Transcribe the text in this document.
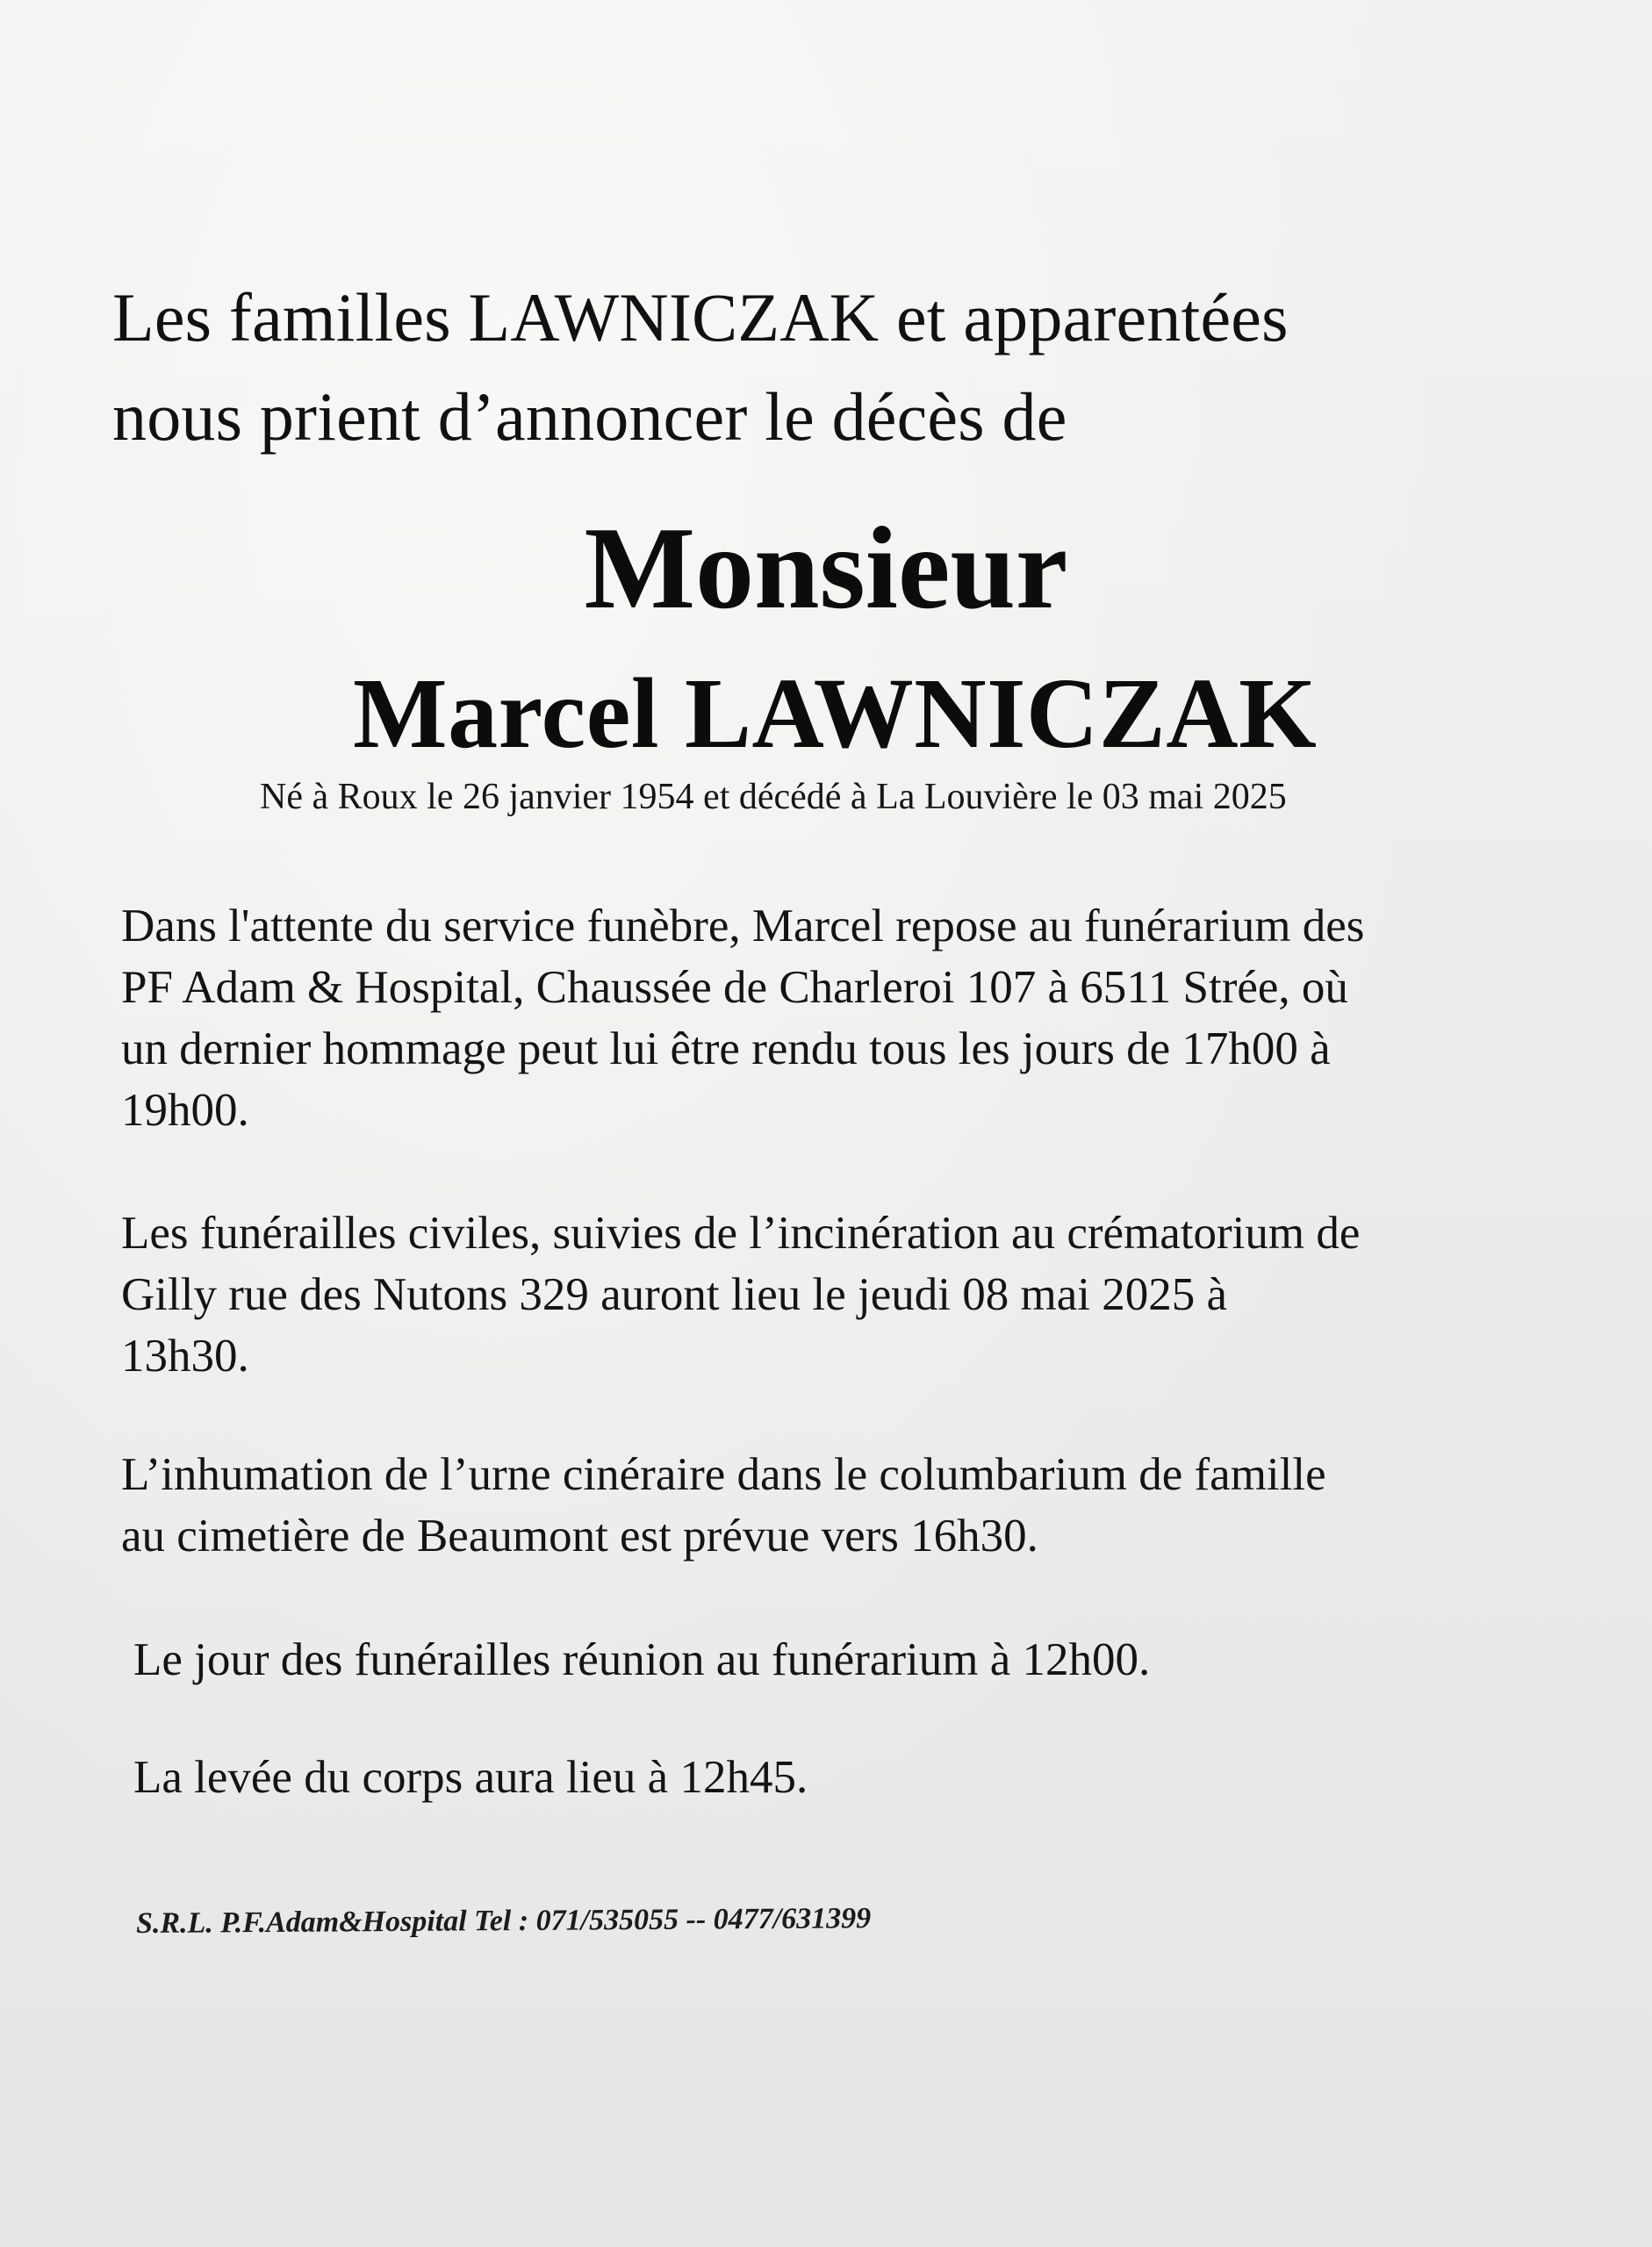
Les familles LAWNICZAK et apparentées
nous prient d’annoncer le décès de
Monsieur
Marcel LAWNICZAK
Né à Roux le 26 janvier 1954 et décédé à La Louvière le 03 mai 2025
Dans l'attente du service funèbre, Marcel repose au funérarium des
PF Adam & Hospital, Chaussée de Charleroi 107 à 6511 Strée, où
un dernier hommage peut lui être rendu tous les jours de 17h00 à
19h00.
Les funérailles civiles, suivies de l’incinération au crématorium de
Gilly rue des Nutons 329 auront lieu le jeudi 08 mai 2025 à
13h30.
L’inhumation de l’urne cinéraire dans le columbarium de famille
au cimetière de Beaumont est prévue vers 16h30.
Le jour des funérailles réunion au funérarium à 12h00.
La levée du corps aura lieu à 12h45.
S.R.L. P.F.Adam&Hospital Tel : 071/535055 -- 0477/631399
